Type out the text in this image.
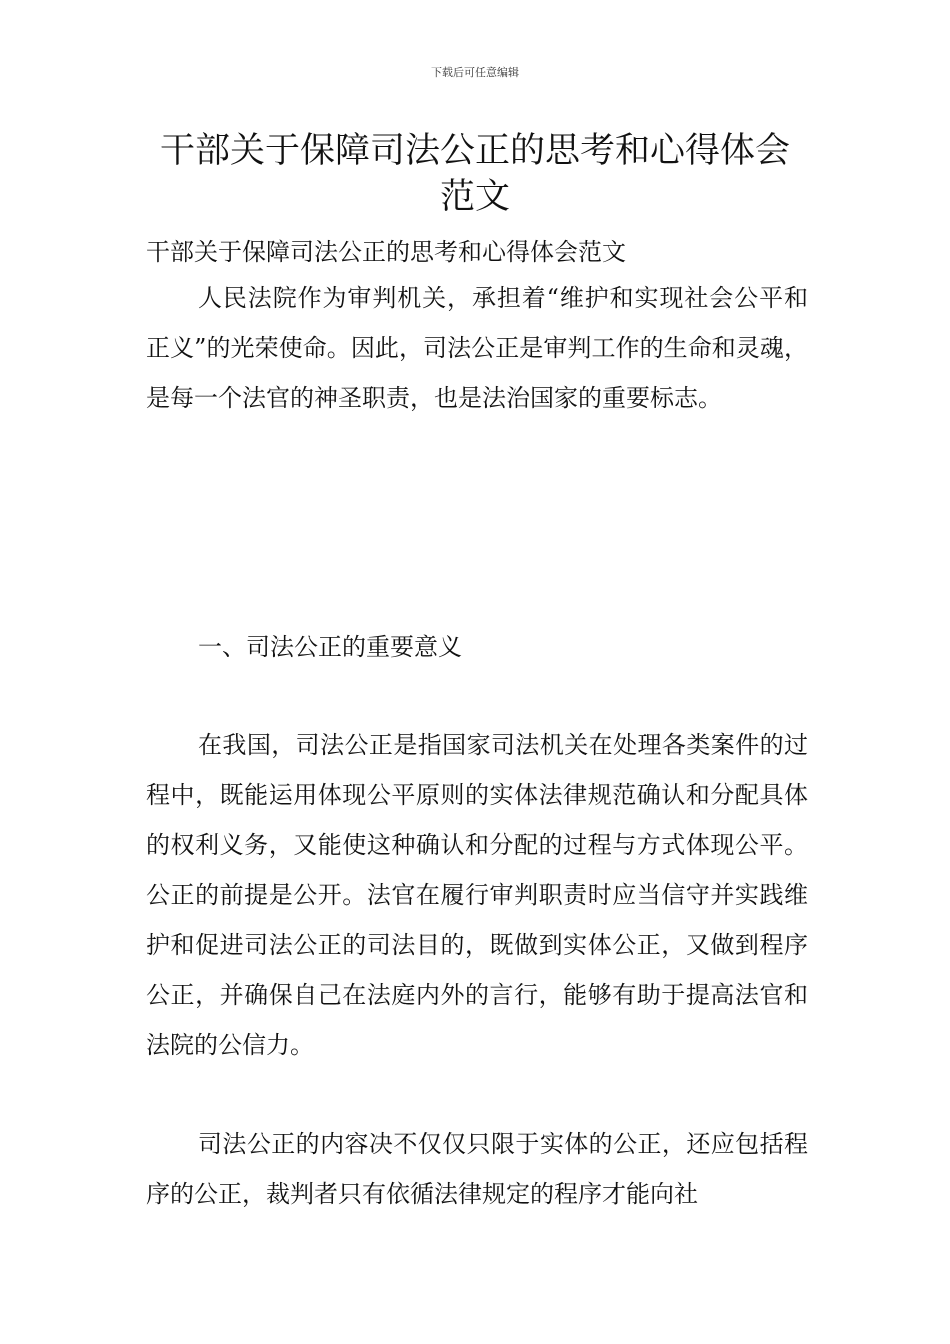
下载后可任意编辑
干部关于保障司法公正的思考和心得体会
范文

干部关于保障司法公正的思考和心得体会范文

人民法院作为审判机关，承担着“维护和实现社会公平和正义”的光荣使命。因此，司法公正是审判工作的生命和灵魂，是每一个法官的神圣职责，也是法治国家的重要标志。

一、司法公正的重要意义

在我国，司法公正是指国家司法机关在处理各类案件的过程中，既能运用体现公平原则的实体法律规范确认和分配具体的权利义务，又能使这种确认和分配的过程与方式体现公平。公正的前提是公开。法官在履行审判职责时应当信守并实践维护和促进司法公正的司法目的，既做到实体公正，又做到程序公正，并确保自己在法庭内外的言行，能够有助于提高法官和法院的公信力。

司法公正的内容决不仅仅只限于实体的公正，还应包括程序的公正，裁判者只有依循法律规定的程序才能向社
